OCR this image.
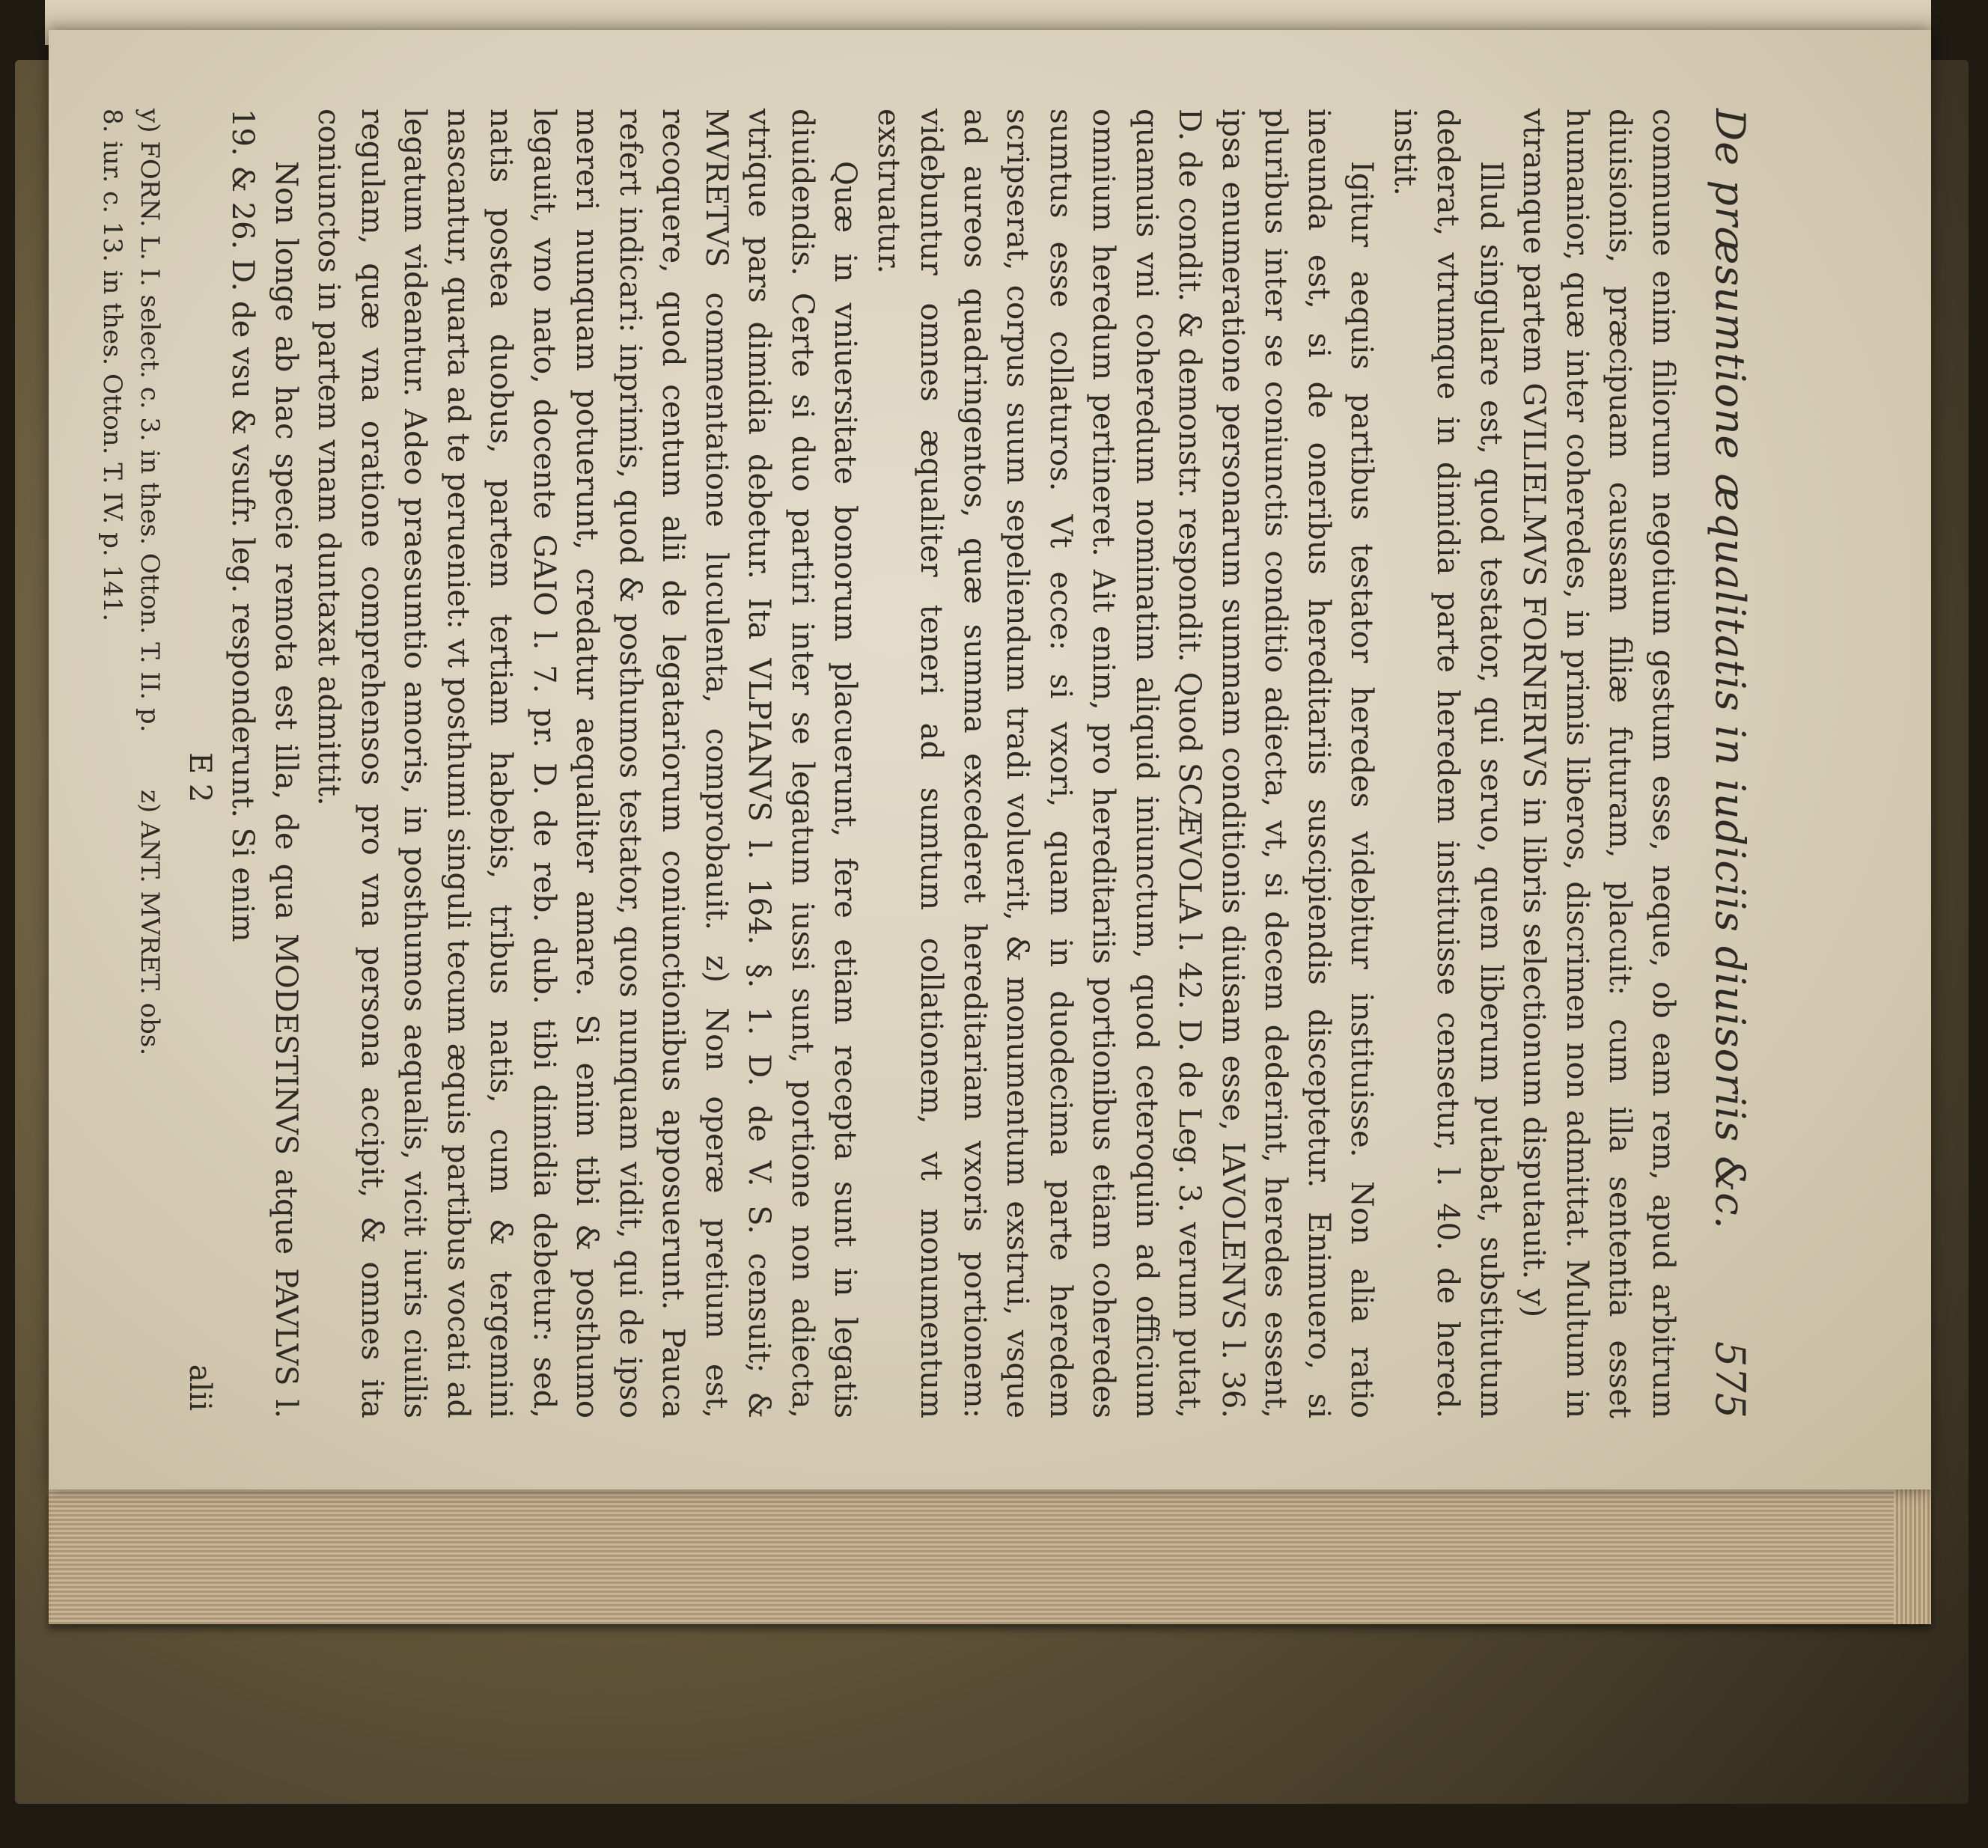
De præsumtione æqualitatis in iudiciis diuisoriis &c.
575

commune enim filiorum negotium gestum esse, neque, ob eam rem, apud arbitrum diuisionis, præcipuam caussam filiæ futuram, placuit: cum illa sententia esset humanior, quæ inter coheredes, in primis liberos, discrimen non admittat. Multum in vtramque partem GVILIELMVS FORNERIVS in libris selectionum disputauit. y)

Illud singulare est, quod testator, qui seruo, quem liberum putabat, substitutum dederat, vtrumque in dimidia parte heredem instituisse censetur, l. 40. de hered. instit.

Igitur aequis partibus testator heredes videbitur instituisse. Non alia ratio ineunda est, si de oneribus hereditariis suscipiendis disceptetur. Enimuero, si pluribus inter se coniunctis conditio adiecta, vt, si decem dederint, heredes essent, ipsa enumeratione personarum summam conditionis diuisam esse, IAVOLENVS l. 36. D. de condit. & demonstr. respondit. Quod SCÆVOLA l. 42. D. de Leg. 3. verum putat, quamuis vni coheredum nominatim aliquid iniunctum, quod ceteroquin ad officium omnium heredum pertineret. Ait enim, pro hereditariis portionibus etiam coheredes sumtus esse collaturos. Vt ecce: si vxori, quam in duodecima parte heredem scripserat, corpus suum sepeliendum tradi voluerit, & monumentum exstrui, vsque ad aureos quadringentos, quæ summa excederet hereditariam vxoris portionem: videbuntur omnes æqualiter teneri ad sumtum collationem, vt monumentum exstruatur.

Quæ in vniuersitate bonorum placuerunt, fere etiam recepta sunt in legatis diuidendis. Certe si duo partiri inter se legatum iussi sunt, portione non adiecta, vtrique pars dimidia debetur. Ita VLPIANVS l. 164. §. 1. D. de V. S. censuit; & MVRETVS commentatione luculenta, comprobauit. z) Non operæ pretium est, recoquere, quod centum alii de legatariorum coniunctionibus apposuerunt. Pauca refert indicari: inprimis, quod & posthumos testator, quos nunquam vidit, qui de ipso mereri nunquam potuerunt, credatur aequaliter amare. Si enim tibi & posthumo legauit, vno nato, docente GAIO l. 7. pr. D. de reb. dub. tibi dimidia debetur: sed, natis postea duobus, partem tertiam habebis, tribus natis, cum & tergemini nascantur, quarta ad te perueniet: vt posthumi singuli tecum æquis partibus vocati ad legatum videantur. Adeo praesumtio amoris, in posthumos aequalis, vicit iuris ciuilis regulam, quæ vna oratione comprehensos pro vna persona accipit, & omnes ita coniunctos in partem vnam duntaxat admittit.

Non longe ab hac specie remota est illa, de qua MODESTINVS atque PAVLVS l. 19. & 26. D. de vsu & vsufr. leg. responderunt. Si enim

E 2
alii
y) FORN. L. I. select. c. 3. in thes. Otton. T. II. p. 8. iur. c. 13. in thes. Otton. T. IV. p. 141.
z) ANT. MVRET. obs.
